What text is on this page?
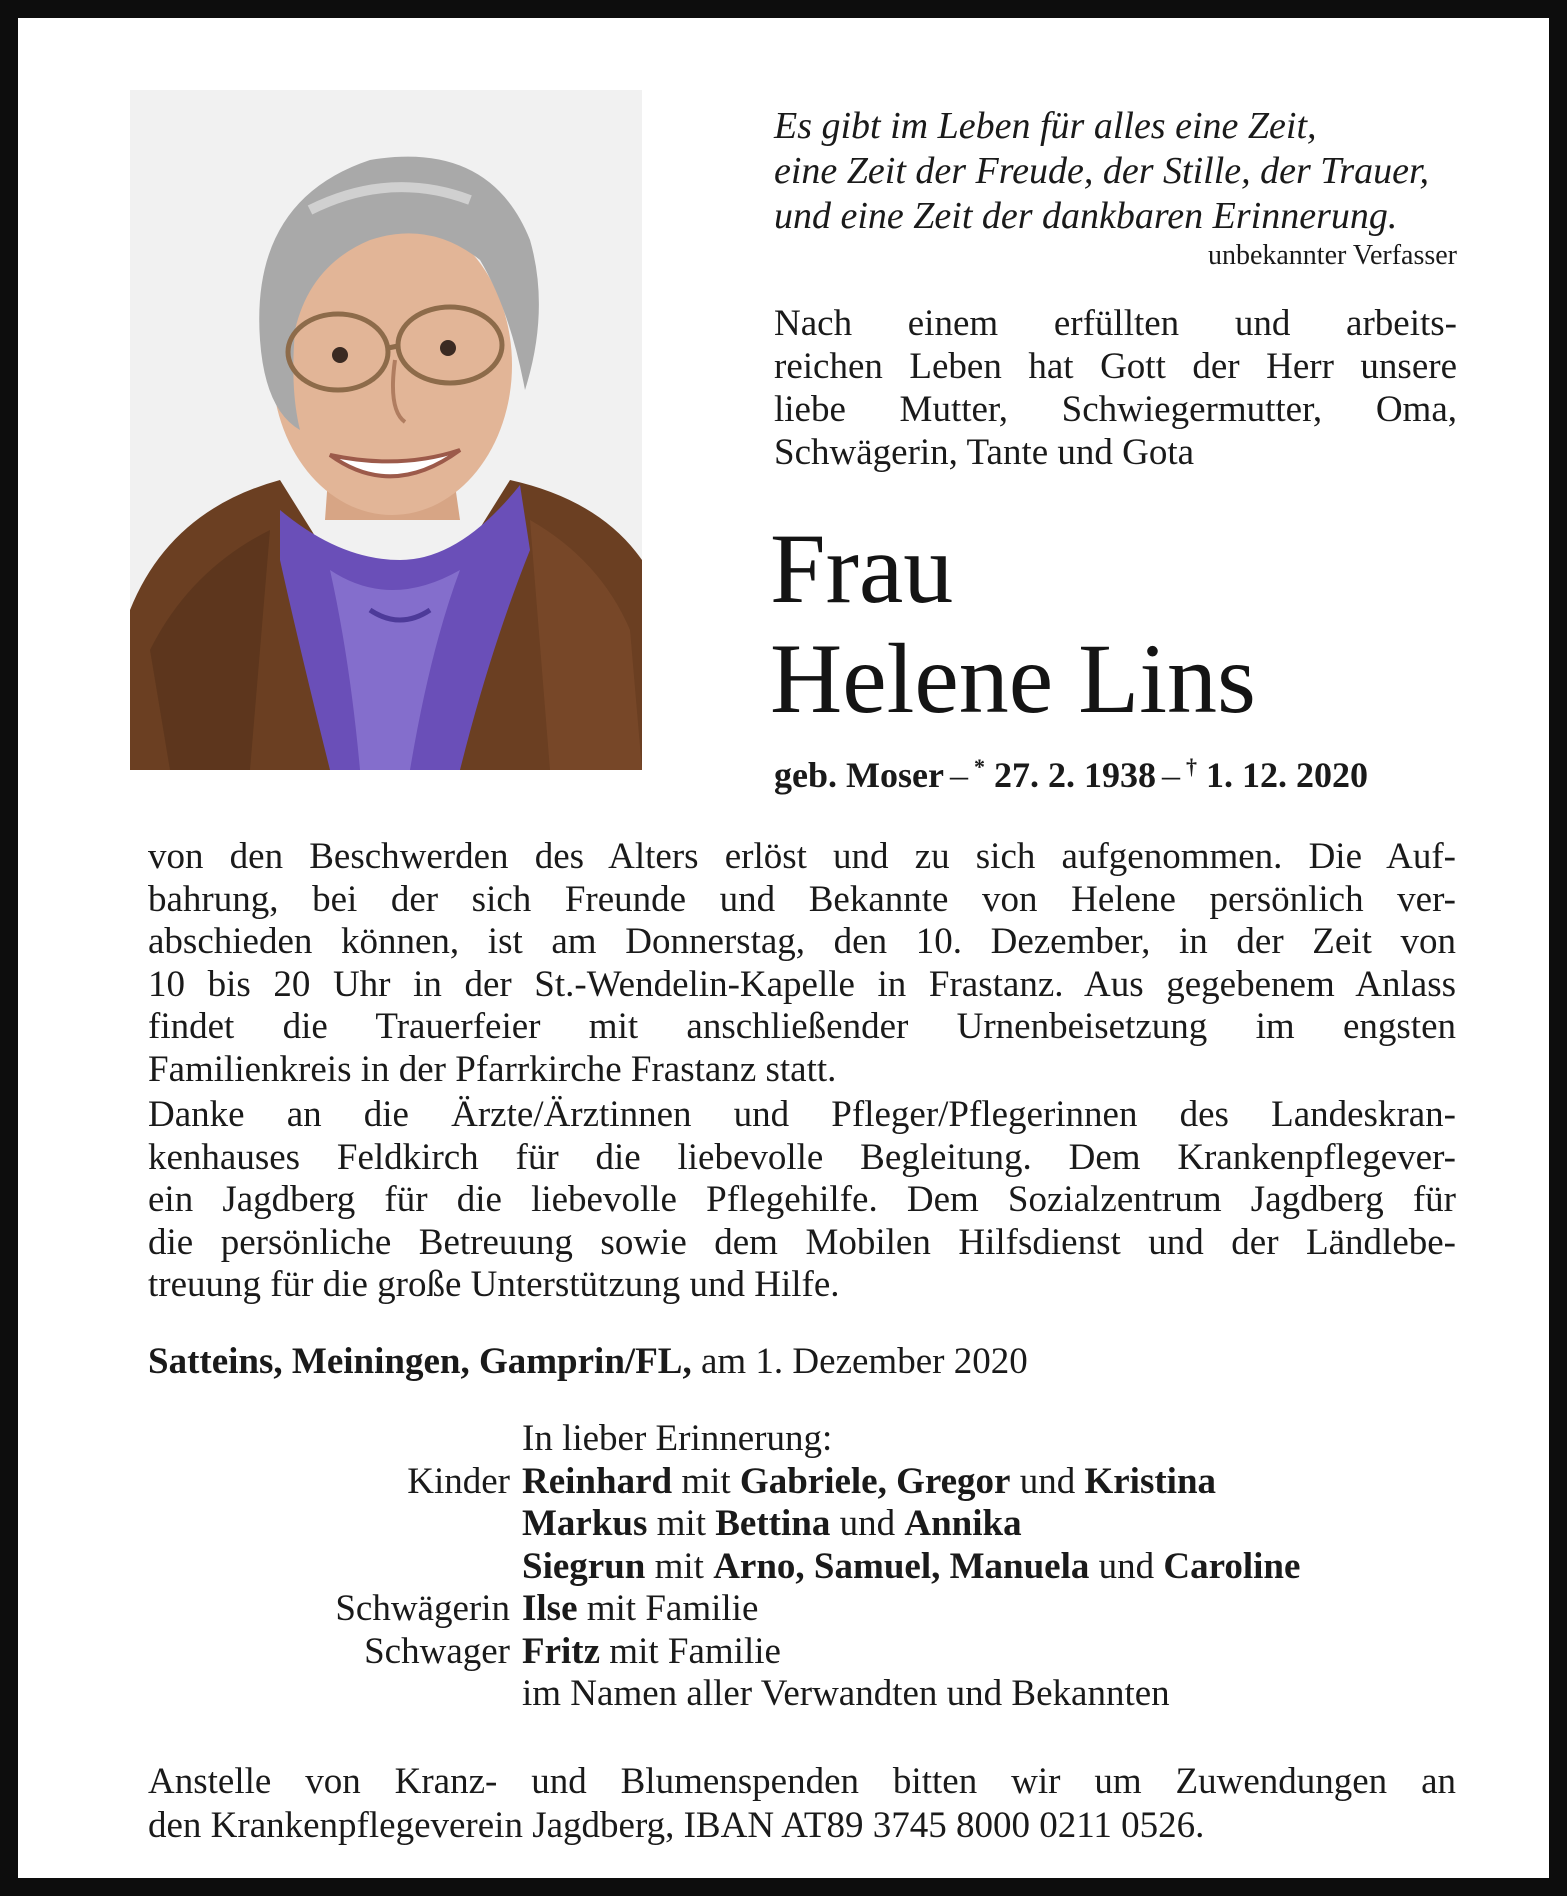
Es gibt im Leben für alles eine Zeit,
eine Zeit der Freude, der Stille, der Trauer,
und eine Zeit der dankbaren Erinnerung.
unbekannter Verfasser
Nach einem erfüllten und arbeits-
reichen Leben hat Gott der Herr unsere
liebe Mutter, Schwiegermutter, Oma,
Schwägerin, Tante und Gota
Frau
Helene Lins
geb. Moser – * 27. 2. 1938 – † 1. 12. 2020
von den Beschwerden des Alters erlöst und zu sich aufgenommen. Die Auf-
bahrung, bei der sich Freunde und Bekannte von Helene persönlich ver-
abschieden können, ist am Donnerstag, den 10. Dezember, in der Zeit von
10 bis 20 Uhr in der St.-Wendelin-Kapelle in Frastanz. Aus gegebenem Anlass
findet die Trauerfeier mit anschließender Urnenbeisetzung im engsten
Familienkreis in der Pfarrkirche Frastanz statt.
Danke an die Ärzte/Ärztinnen und Pfleger/Pflegerinnen des Landeskran-
kenhauses Feldkirch für die liebevolle Begleitung. Dem Krankenpflegever-
ein Jagdberg für die liebevolle Pflegehilfe. Dem Sozialzentrum Jagdberg für
die persönliche Betreuung sowie dem Mobilen Hilfsdienst und der Ländlebe-
treuung für die große Unterstützung und Hilfe.
Satteins, Meiningen, Gamprin/FL, am 1. Dezember 2020
In lieber Erinnerung:
Kinder Reinhard mit Gabriele, Gregor und Kristina
Markus mit Bettina und Annika
Siegrun mit Arno, Samuel, Manuela und Caroline
Schwägerin Ilse mit Familie
Schwager Fritz mit Familie
im Namen aller Verwandten und Bekannten
Anstelle von Kranz- und Blumenspenden bitten wir um Zuwendungen an
den Krankenpflegeverein Jagdberg, IBAN AT89 3745 8000 0211 0526.
